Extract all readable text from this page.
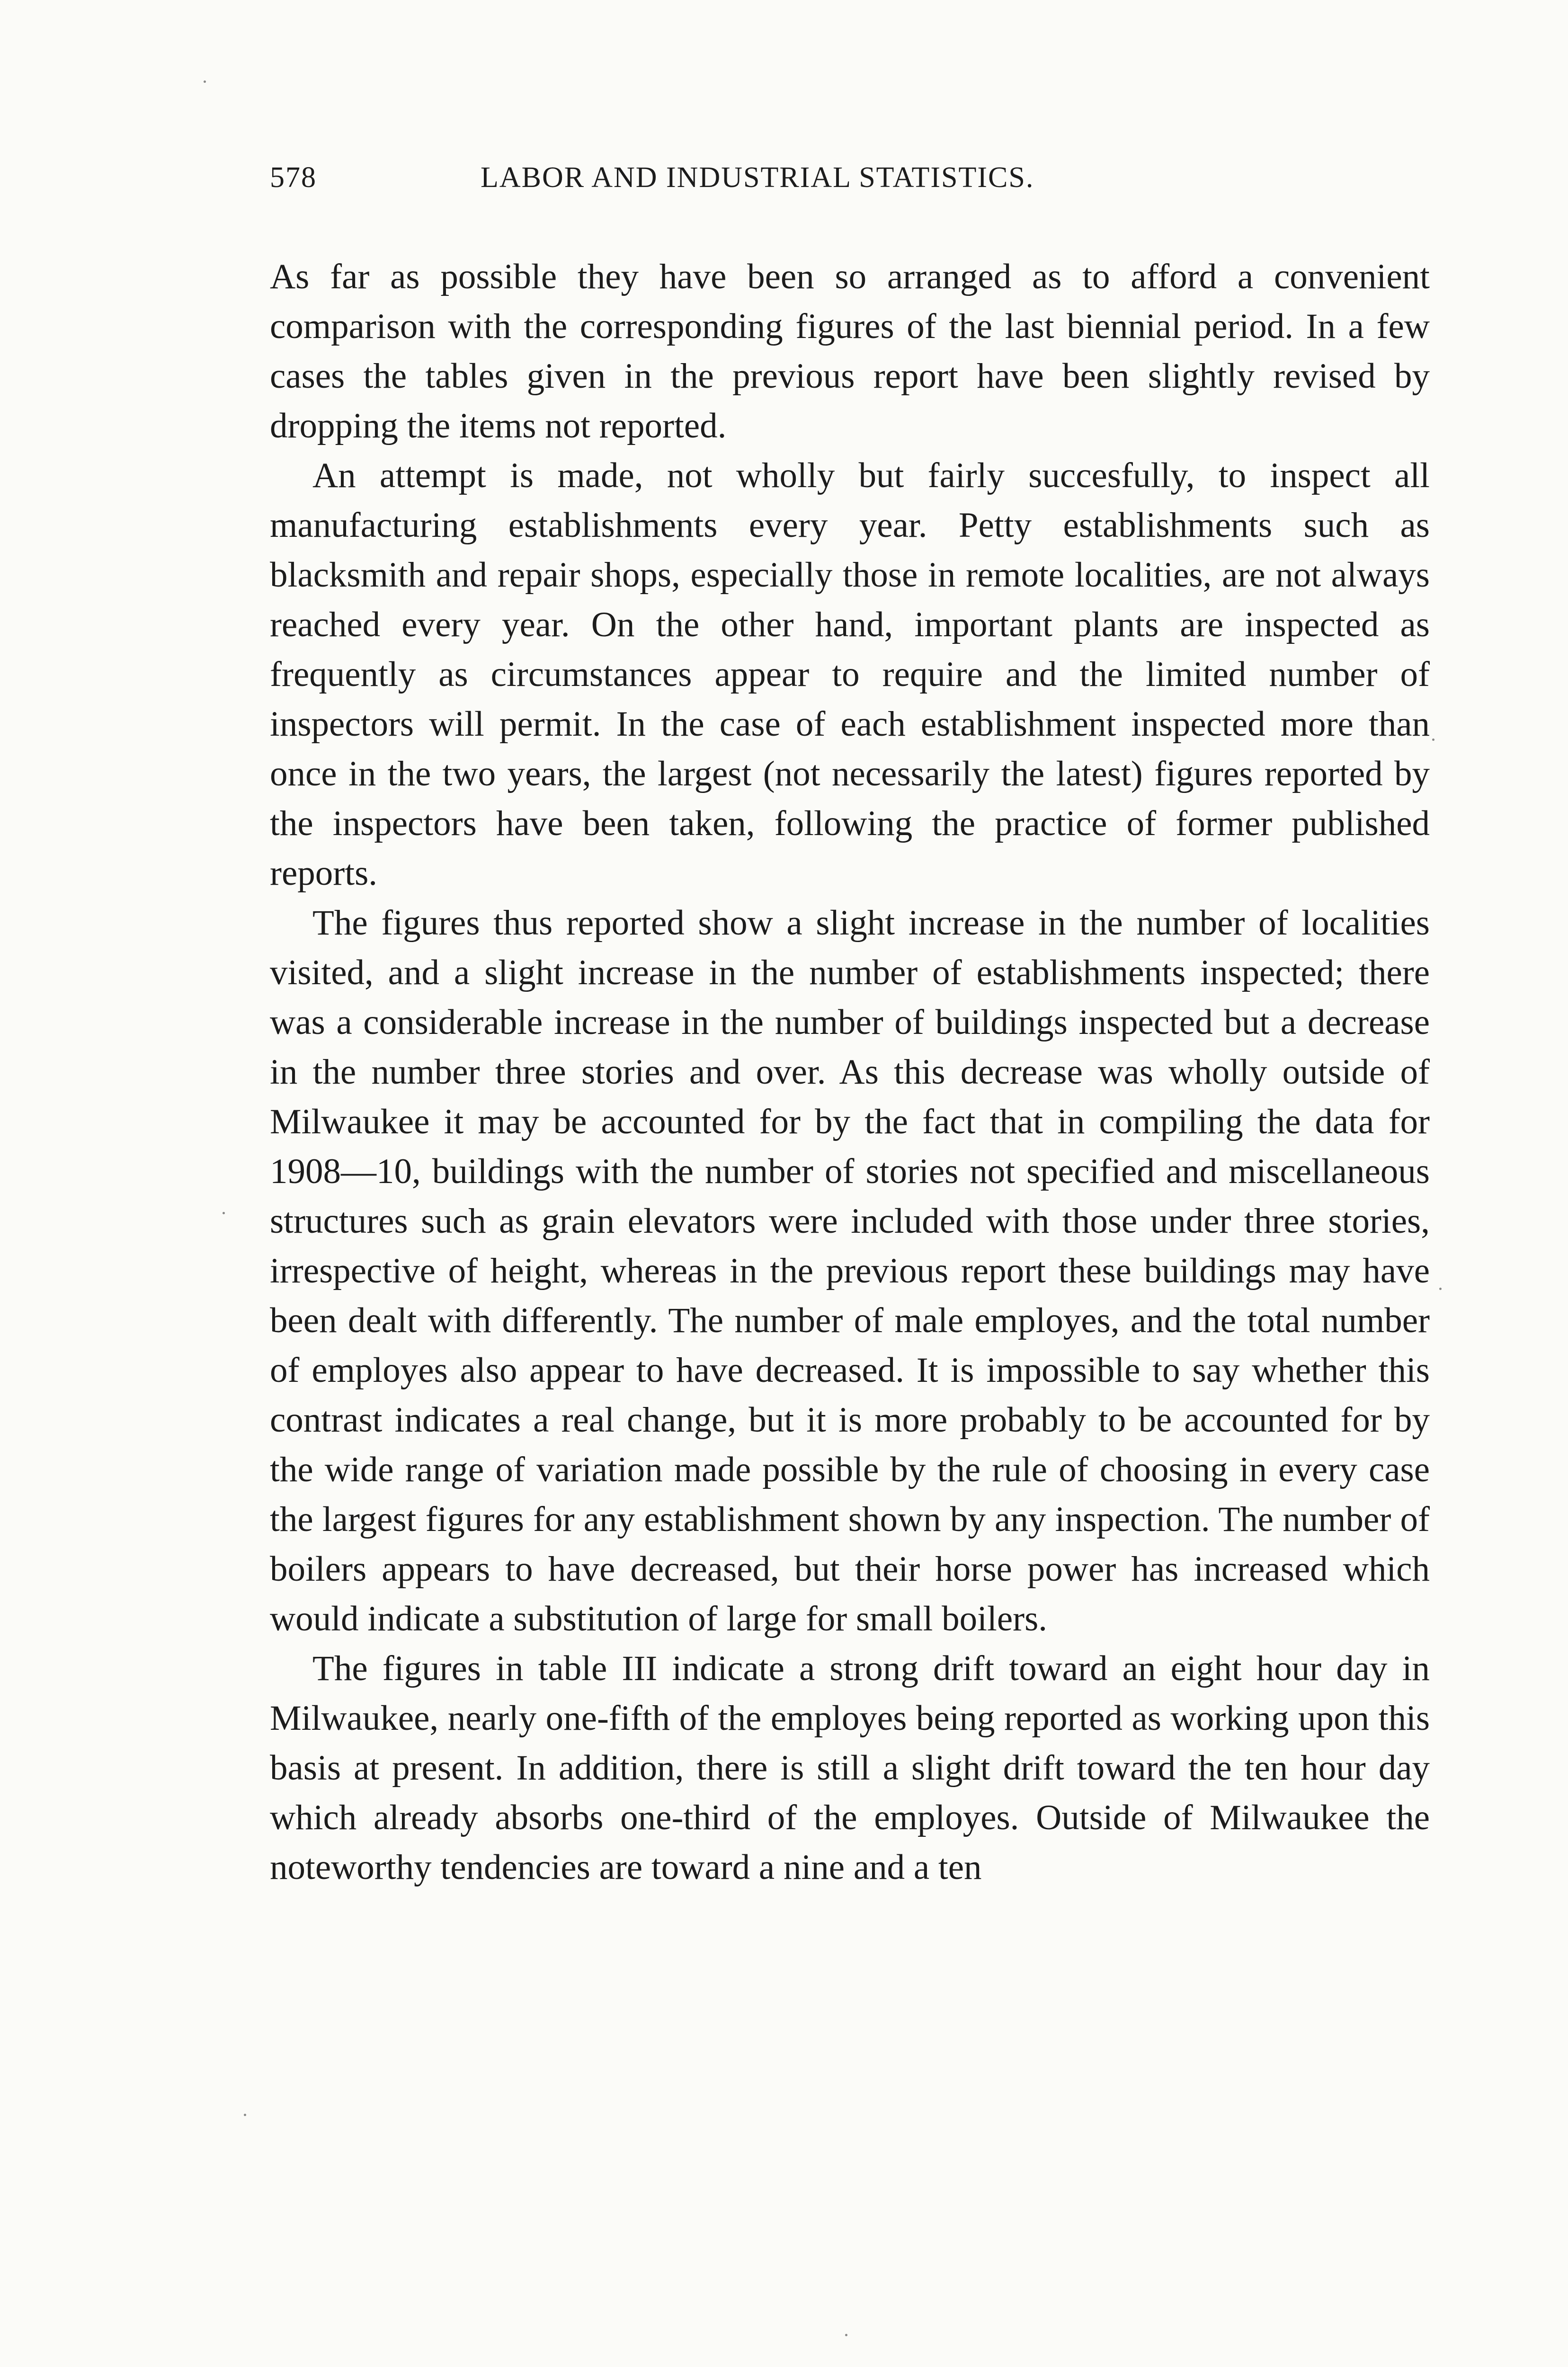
578	LABOR AND INDUSTRIAL STATISTICS.

As far as possible they have been so arranged as to afford a convenient comparison with the corresponding figures of the last biennial period. In a few cases the tables given in the previous report have been slightly revised by dropping the items not reported.

An attempt is made, not wholly but fairly succesfully, to inspect all manufacturing establishments every year. Petty establishments such as blacksmith and repair shops, especially those in remote localities, are not always reached every year. On the other hand, important plants are inspected as frequently as circumstances appear to require and the limited number of inspectors will permit. In the case of each establishment inspected more than once in the two years, the largest (not necessarily the latest) figures reported by the inspectors have been taken, following the practice of former published reports.

The figures thus reported show a slight increase in the number of localities visited, and a slight increase in the number of establishments inspected; there was a considerable increase in the number of buildings inspected but a decrease in the number three stories and over. As this decrease was wholly outside of Milwaukee it may be accounted for by the fact that in compiling the data for 1908—10, buildings with the number of stories not specified and miscellaneous structures such as grain elevators were included with those under three stories, irrespective of height, whereas in the previous report these buildings may have been dealt with differently. The number of male employes, and the total number of employes also appear to have decreased. It is impossible to say whether this contrast indicates a real change, but it is more probably to be accounted for by the wide range of variation made possible by the rule of choosing in every case the largest figures for any establishment shown by any inspection. The number of boilers appears to have decreased, but their horse power has increased which would indicate a substitution of large for small boilers.

The figures in table III indicate a strong drift toward an eight hour day in Milwaukee, nearly one-fifth of the employes being reported as working upon this basis at present. In addition, there is still a slight drift toward the ten hour day which already absorbs one-third of the employes. Outside of Milwaukee the noteworthy tendencies are toward a nine and a ten
